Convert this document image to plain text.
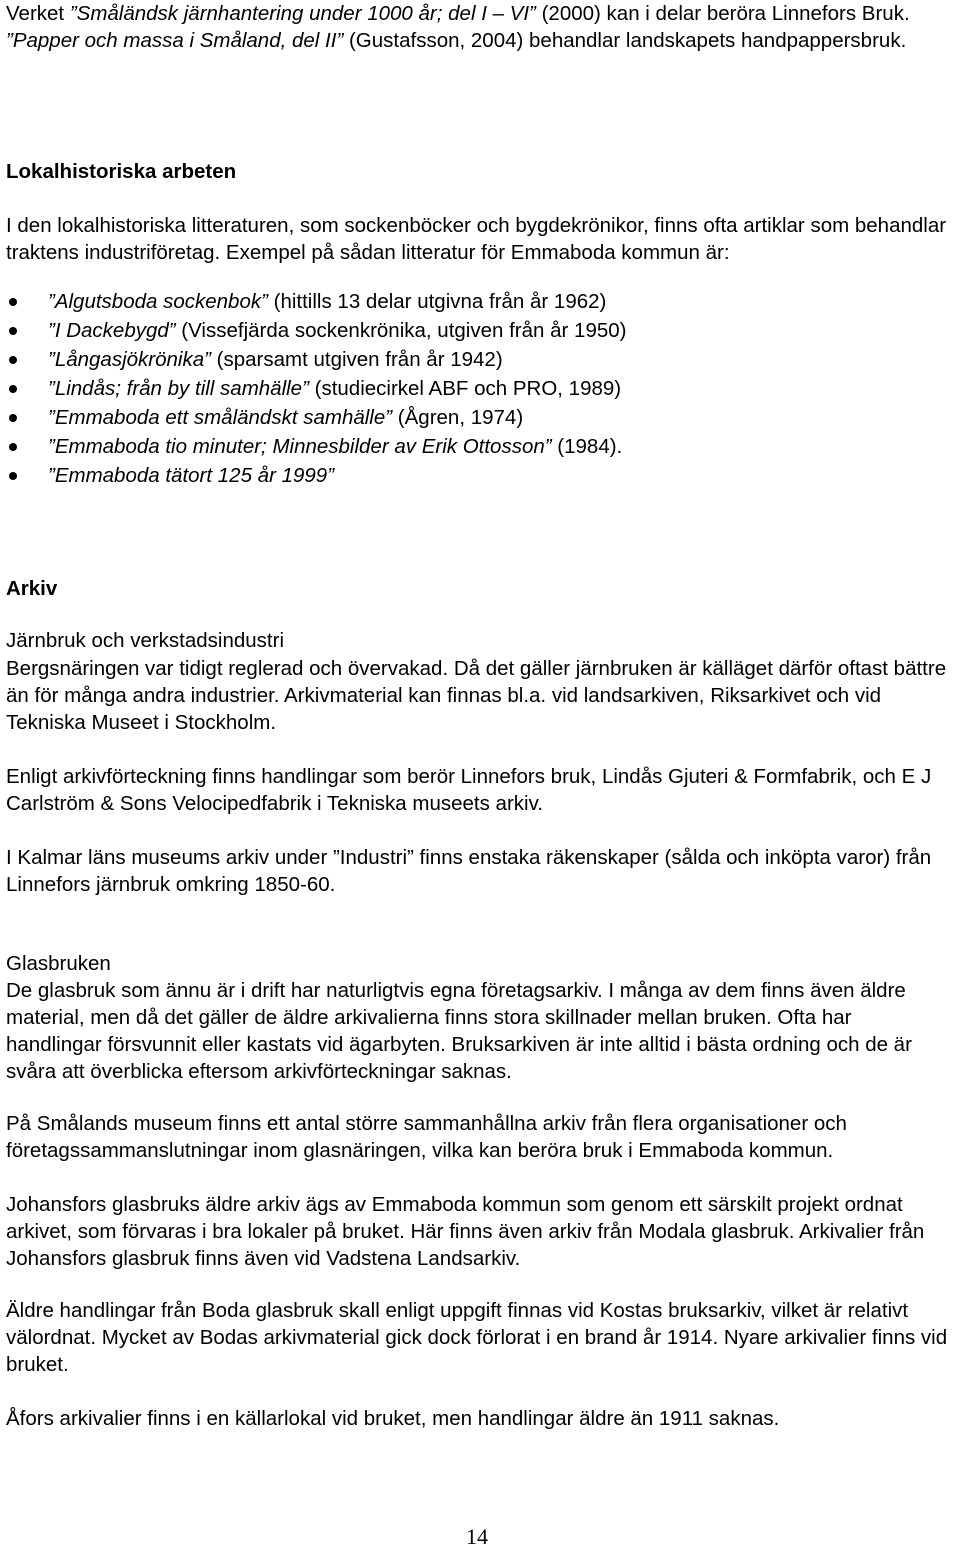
Verket ”Småländsk järnhantering under 1000 år; del I – VI” (2000) kan i delar beröra Linnefors Bruk. ”Papper och massa i Småland, del II” (Gustafsson, 2004) behandlar landskapets handpappersbruk.

Lokalhistoriska arbeten

I den lokalhistoriska litteraturen, som sockenböcker och bygdekrönikor, finns ofta artiklar som behandlar traktens industriföretag. Exempel på sådan litteratur för Emmaboda kommun är:

”Algutsboda sockenbok” (hittills 13 delar utgivna från år 1962)
”I Dackebygd” (Vissefjärda sockenkrönika, utgiven från år 1950)
”Långasjökrönika” (sparsamt utgiven från år 1942)
”Lindås; från by till samhälle” (studiecirkel ABF och PRO, 1989)
”Emmaboda ett småländskt samhälle” (Ågren, 1974)
”Emmaboda tio minuter; Minnesbilder av Erik Ottosson” (1984).
”Emmaboda tätort 125 år 1999”

Arkiv

Järnbruk och verkstadsindustri

Bergsnäringen var tidigt reglerad och övervakad. Då det gäller järnbruken är källäget därför oftast bättre än för många andra industrier. Arkivmaterial kan finnas bl.a. vid landsarkiven, Riksarkivet och vid Tekniska Museet i Stockholm.

Enligt arkivförteckning finns handlingar som berör Linnefors bruk, Lindås Gjuteri & Formfabrik, och E J Carlström & Sons Velocipedfabrik i Tekniska museets arkiv.

I Kalmar läns museums arkiv under ”Industri” finns enstaka räkenskaper (sålda och inköpta varor) från Linnefors järnbruk omkring 1850-60.

Glasbruken

De glasbruk som ännu är i drift har naturligtvis egna företagsarkiv. I många av dem finns även äldre material, men då det gäller de äldre arkivalierna finns stora skillnader mellan bruken. Ofta har handlingar försvunnit eller kastats vid ägarbyten. Bruksarkiven är inte alltid i bästa ordning och de är svåra att överblicka eftersom arkivförteckningar saknas.

På Smålands museum finns ett antal större sammanhållna arkiv från flera organisationer och företagssammanslutningar inom glasnäringen, vilka kan beröra bruk i Emmaboda kommun.

Johansfors glasbruks äldre arkiv ägs av Emmaboda kommun som genom ett särskilt projekt ordnat arkivet, som förvaras i bra lokaler på bruket. Här finns även arkiv från Modala glasbruk. Arkivalier från Johansfors glasbruk finns även vid Vadstena Landsarkiv.

Äldre handlingar från Boda glasbruk skall enligt uppgift finnas vid Kostas bruksarkiv, vilket är relativt välordnat. Mycket av Bodas arkivmaterial gick dock förlorat i en brand år 1914. Nyare arkivalier finns vid bruket.

Åfors arkivalier finns i en källarlokal vid bruket, men handlingar äldre än 1911 saknas.

14
